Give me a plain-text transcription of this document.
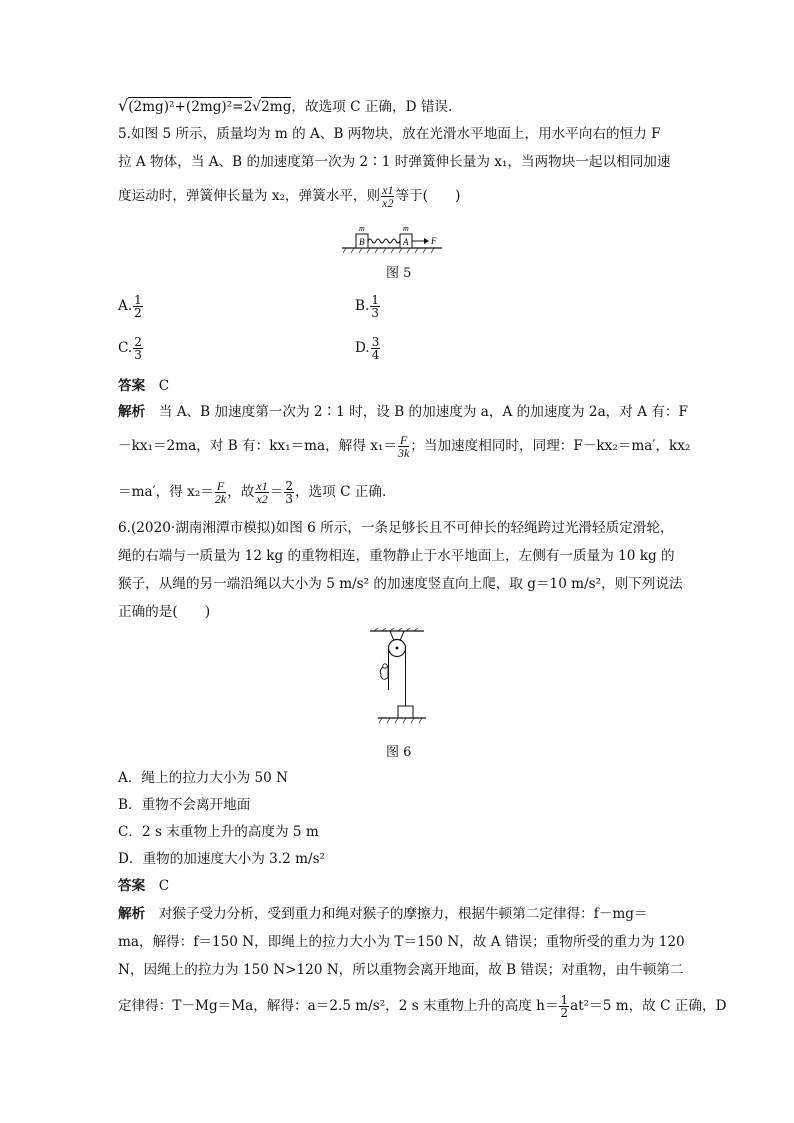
√(2mg)²+(2mg)²=2√2mg，故选项 C 正确，D 错误.
5.如图 5 所示，质量均为 m 的 A、B 两物块，放在光滑水平地面上，用水平向右的恒力 F
拉 A 物体，当 A、B 的加速度第一次为 2∶1 时弹簧伸长量为 x₁，当两物块一起以相同加速
度运动时，弹簧伸长量为 x₂，弹簧水平，则 $\frac{x1}{x2}$ 等于(　　)
m	m
B	A	F
图 5
A. $\frac{1}{2}$	B. $\frac{1}{3}$
C. $\frac{2}{3}$	D. $\frac{3}{4}$
答案　 C
解析　 当 A、B 加速度第一次为 2∶1 时，设 B 的加速度为 a，A 的加速度为 2a，对 A 有：F
－kx₁＝2ma，对 B 有：kx₁＝ma，解得 $x_1= \frac{F}{3k}$ ；当加速度相同时，同理：F－kx₂＝ma′，kx₂
＝ma′，得 $x_2= \frac{F}{2k}$ ，故 $\frac{x1}{x2} = \frac{2}{3}$ ，选项 C 正确.
6.(2020·湖南湘潭市模拟)如图 6 所示，一条足够长且不可伸长的轻绳跨过光滑轻质定滑轮，
绳的右端与一质量为 12 kg 的重物相连，重物静止于水平地面上，左侧有一质量为 10 kg 的
猴子，从绳的另一端沿绳以大小为 5 m/s² 的加速度竖直向上爬，取 g＝10 m/s²，则下列说法
正确的是(　　)
图 6
A．绳上的拉力大小为 50 N
B．重物不会离开地面
C．2 s 末重物上升的高度为 5 m
D．重物的加速度大小为 3.2 m/s²
答案　 C
解析　 对猴子受力分析，受到重力和绳对猴子的摩擦力，根据牛顿第二定律得：f－mg＝
ma，解得：f＝150 N，即绳上的拉力大小为 T＝150 N，故 A 错误；重物所受的重力为 120
N，因绳上的拉力为 150 N>120 N，所以重物会离开地面，故 B 错误；对重物，由牛顿第二
定律得：T－Mg＝Ma，解得：a＝2.5 m/s²，2 s 末重物上升的高度 $h= \frac{1}{2} at^2=5$ m，故 C 正确，D
